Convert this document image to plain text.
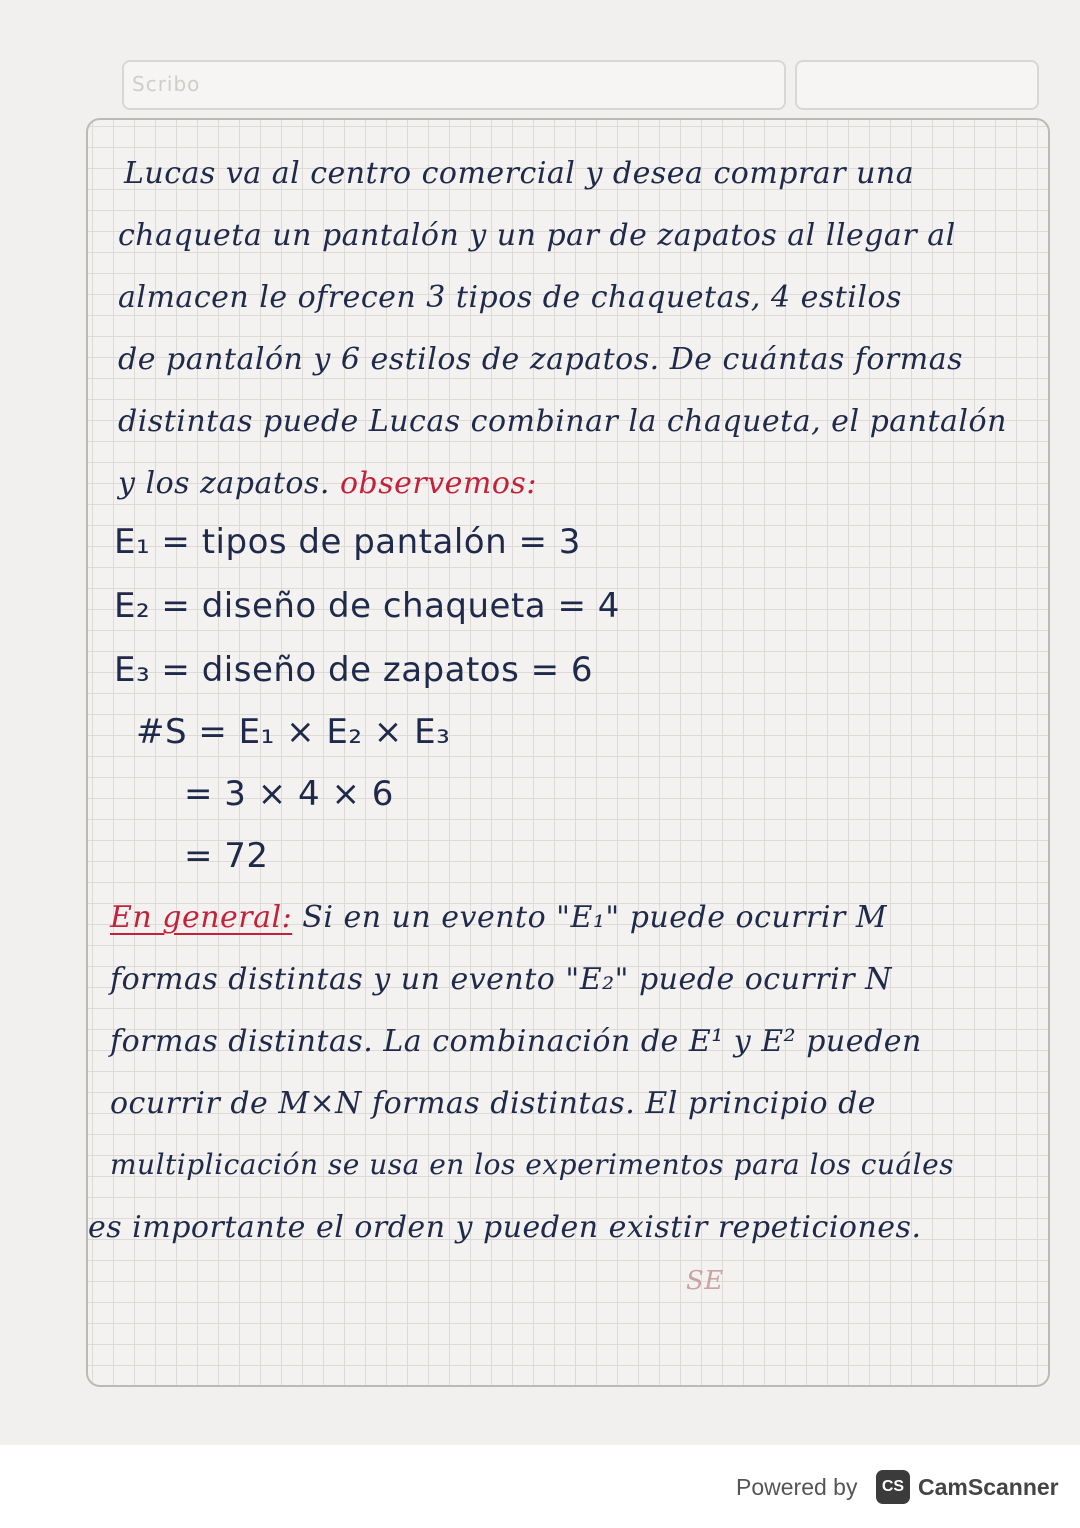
Scribo
Lucas va al centro comercial y desea comprar una
chaqueta un pantalón y un par de zapatos al llegar al
almacen le ofrecen 3 tipos de chaquetas, 4 estilos
de pantalón y 6 estilos de zapatos. De cuántas formas
distintas puede Lucas combinar la chaqueta, el pantalón
y los zapatos. observemos:
E₁ = tipos de pantalón = 3
E₂ = diseño de chaqueta = 4
E₃ = diseño de zapatos = 6
#S = E₁ × E₂ × E₃
= 3 × 4 × 6
= 72
En general: Si en un evento "E₁" puede ocurrir M
formas distintas y un evento "E₂" puede ocurrir N
formas distintas. La combinación de E¹ y E² pueden
ocurrir de M×N formas distintas. El principio de
multiplicación se usa en los experimentos para los cuáles
es importante el orden y pueden existir repeticiones.
SE
Powered by	CS CamScanner
